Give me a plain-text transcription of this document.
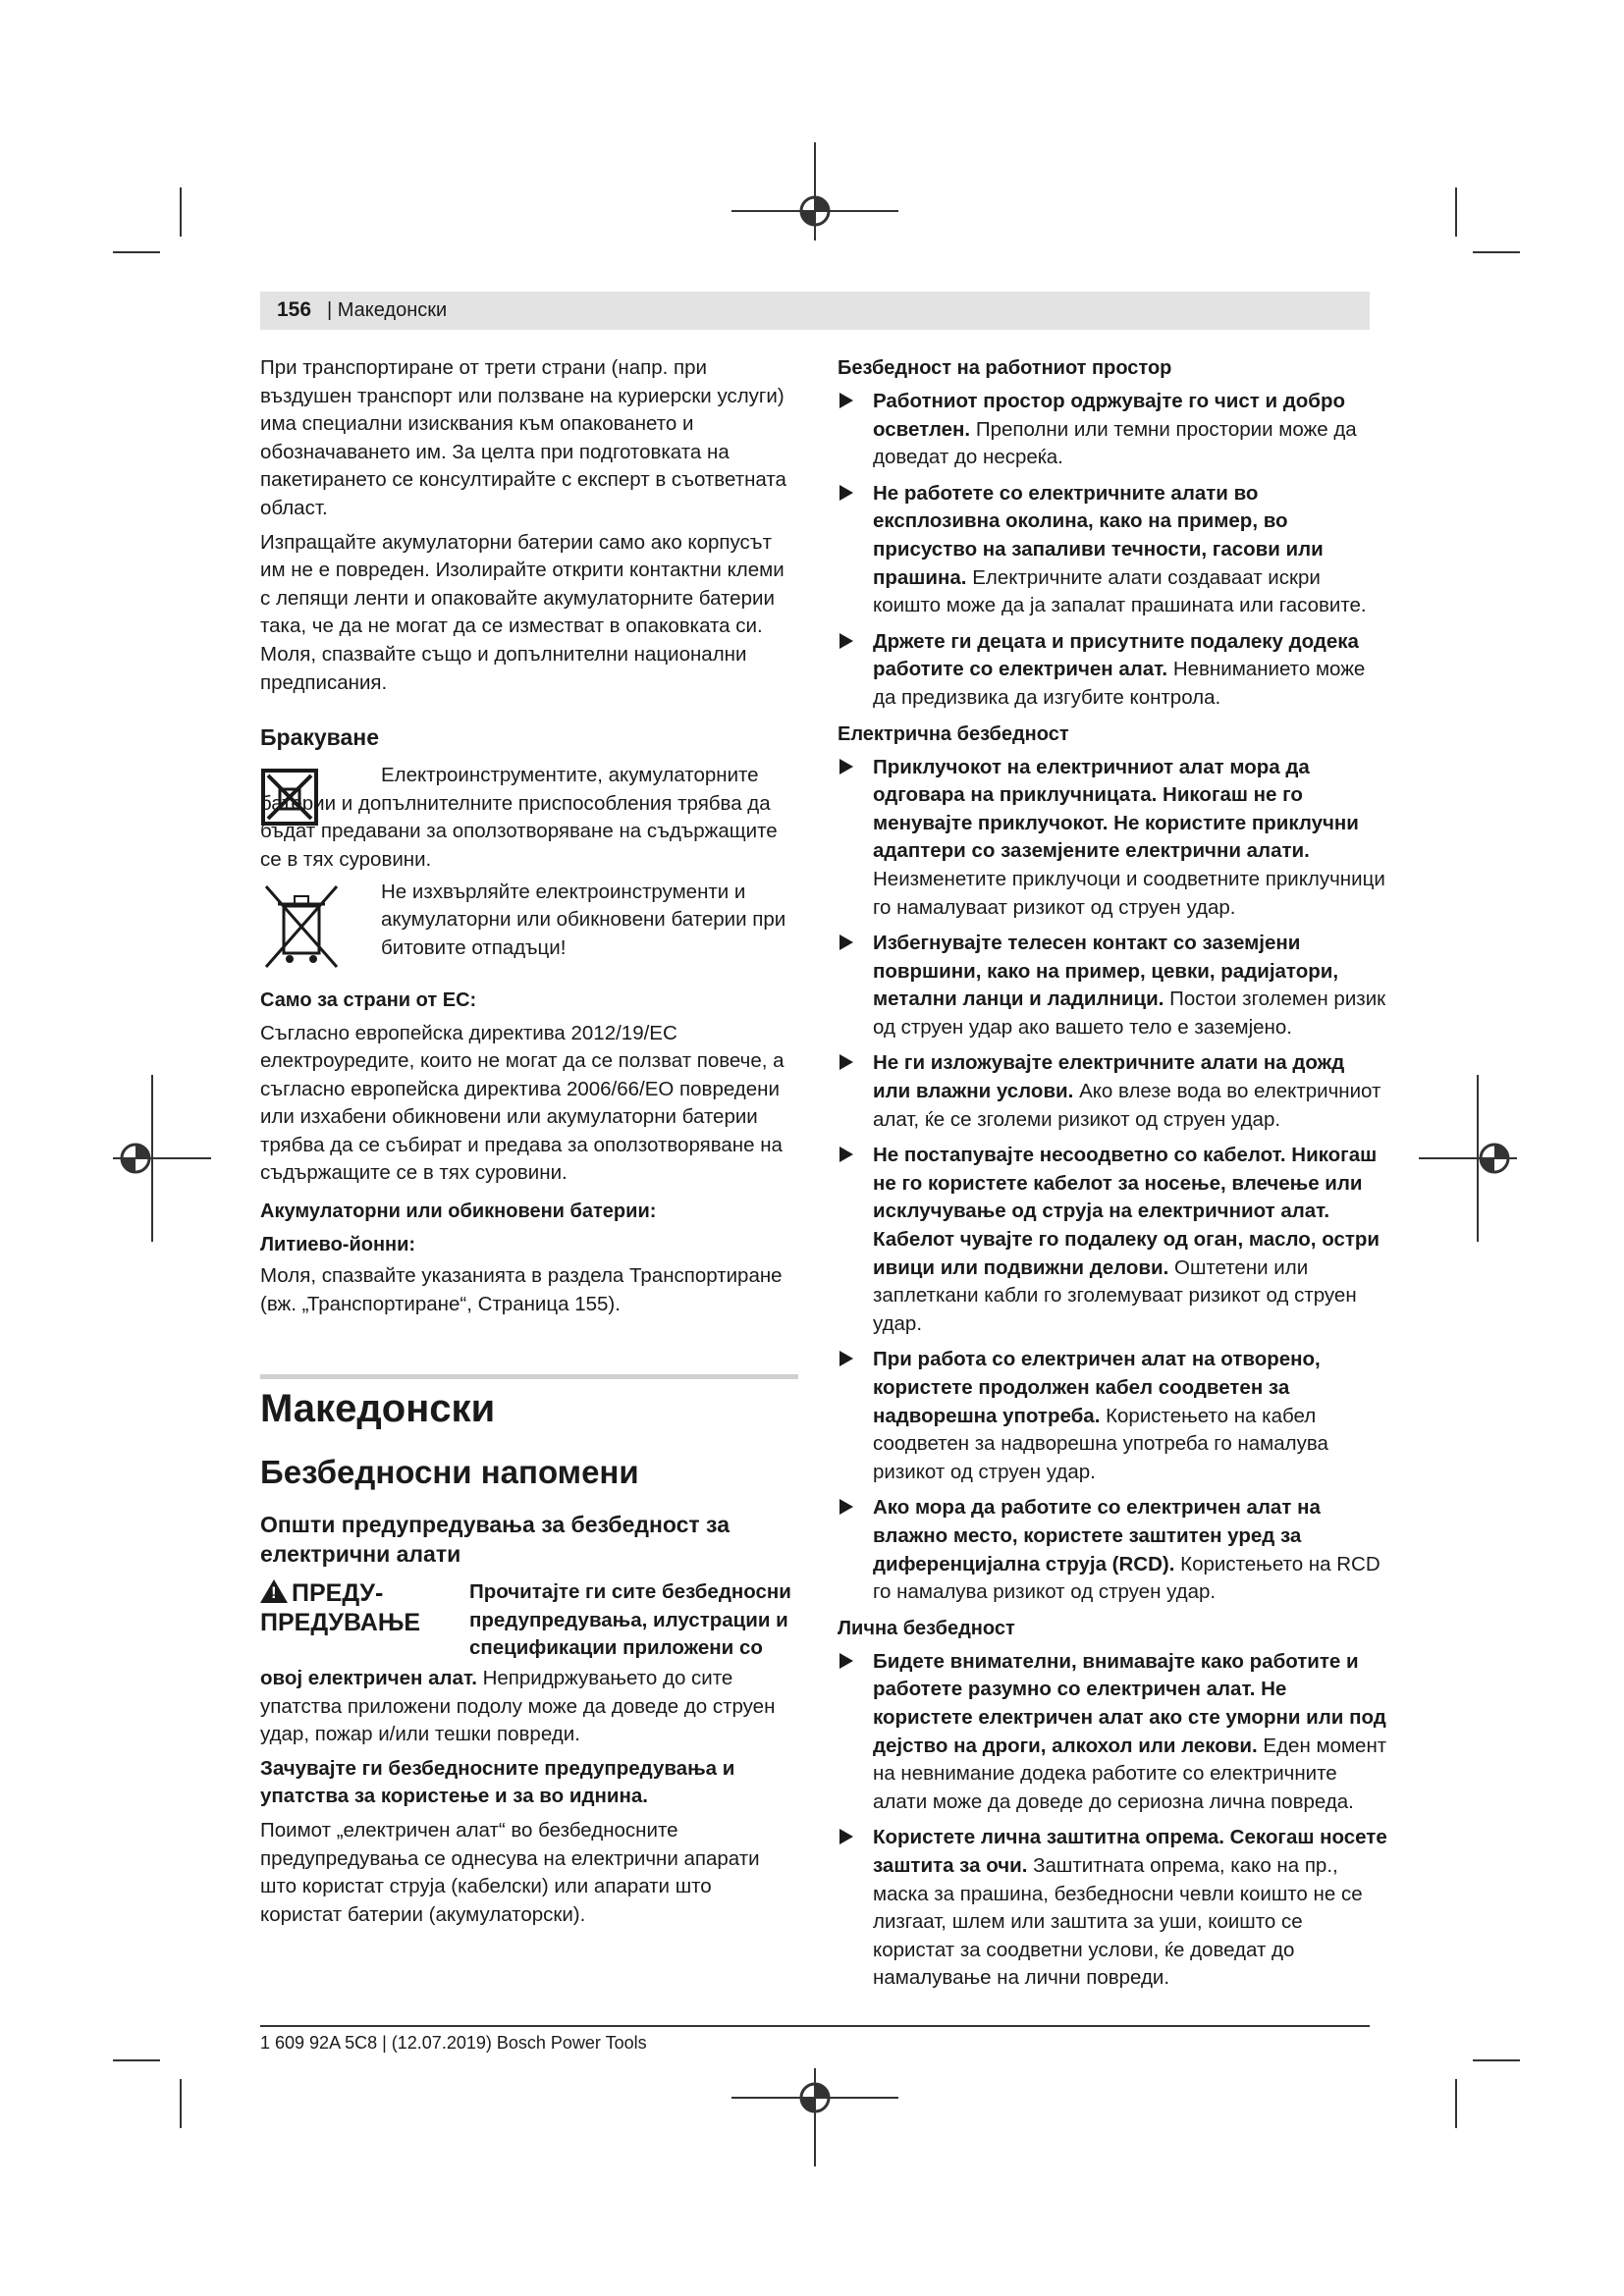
156 | Македонски

При транспортиране от трети страни (напр. при въздушен транспорт или ползване на куриерски услуги) има специални изисквания към опаковането и обозначаването им. За целта при подготовката на пакетирането се консултирайте с експерт в съответната област.

Изпращайте акумулаторни батерии само ако корпусът им не е повреден. Изолирайте открити контактни клеми с лепящи ленти и опаковайте акумулаторните батерии така, че да не могат да се изместват в опаковката си. Моля, спазвайте също и допълнителни национални предписания.

Бракуване

Електроинструментите, акумулаторните батерии и допълнителните приспособления трябва да бъдат предавани за оползотворяване на съдържащите се в тях суровини.

Не изхвърляйте електроинструменти и акумулаторни или обикновени батерии при битовите отпадъци!

Само за страни от ЕС:

Съгласно европейска директива 2012/19/ЕС електроуредите, които не могат да се ползват повече, а съгласно европейска директива 2006/66/EO повредени или изхабени обикновени или акумулаторни батерии трябва да се събират и предава за оползотворяване на съдържащите се в тях суровини.

Акумулаторни или обикновени батерии:

Литиево-йонни:

Моля, спазвайте указанията в раздела Транспортиране (вж. „Транспортиране“, Страница 155).

Македонски
Безбедносни напомени
Општи предупредувања за безбедност за електрични алати
! ПРЕДУ-
ПРЕДУВАЊЕ
Прочитајте ги сите безбедносни предупредувања, илустрации и спецификации приложени со

овој електричен алат. Непридржувањето до сите упатства приложени подолу може да доведе до струен удар, пожар и/или тешки повреди.

Зачувајте ги безбедносните предупредувања и упатства за користење и за во иднина.

Поимот „електричен алат“ во безбедносните предупредувања се однесува на електрични апарати што користат струја (кабелски) или апарати што користат батерии (акумулаторски).

Безбедност на работниот простор

Работниот простор одржувајте го чист и добро осветлен. Преполни или темни простории може да доведат до несреќа.
Не работете со електричните алати во експлозивна околина, како на пример, во присуство на запаливи течности, гасови или прашина. Електричните алати создаваат искри коишто може да ја запалат прашината или гасовите.
Држете ги децата и присутните подалеку додека работите со електричен алат. Невниманието може да предизвика да изгубите контрола.

Електрична безбедност

Приклучокот на електричниот алат мора да одговара на приклучницата. Никогаш не го менувајте приклучокот. Не користите приклучни адаптери со заземјените електрични алати. Неизменетите приклучоци и соодветните приклучници го намалуваат ризикот од струен удар.
Избегнувајте телесен контакт со заземјени површини, како на пример, цевки, радијатори, метални ланци и ладилници. Постои зголемен ризик од струен удар ако вашето тело е заземјено.
Не ги изложувајте електричните алати на дожд или влажни услови. Ако влезе вода во електричниот алат, ќе се зголеми ризикот од струен удар.
Не постапувајте несоодветно со кабелот. Никогаш не го користете кабелот за носење, влечење или исклучување од струја на електричниот алат. Кабелот чувајте го подалеку од оган, масло, остри ивици или подвижни делови. Оштетени или заплеткани кабли го зголемуваат ризикот од струен удар.
При работа со електричен алат на отворено, користете продолжен кабел соодветен за надворешна употреба. Користењето на кабел соодветен за надворешна употреба го намалува ризикот од струен удар.
Ако мора да работите со електричен алат на влажно место, користете заштитен уред за диференцијална струја (RCD). Користењето на RCD го намалува ризикот од струен удар.

Лична безбедност

Бидете внимателни, внимавајте како работите и работете разумно со електричен алат. Не користете електричен алат ако сте уморни или под дејство на дроги, алкохол или лекови. Еден момент на невнимание додека работите со електричните алати може да доведе до сериозна лична повреда.
Користете лична заштитна опрема. Секогаш носете заштита за очи. Заштитната опрема, како на пр., маска за прашина, безбедносни чевли коишто не се лизгаат, шлем или заштита за уши, коишто се користат за соодветни услови, ќе доведат до намалување на лични повреди.
1 609 92A 5C8 | (12.07.2019) Bosch Power Tools
